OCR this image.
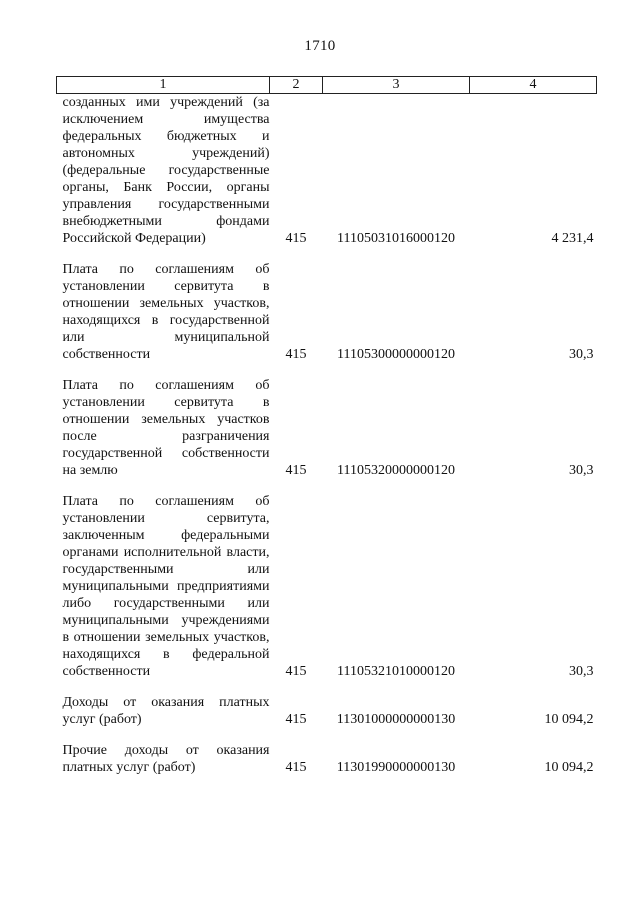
1710
1	2	3	4
созданных ими учреждений (за исключением имущества федеральных бюджетных и автономных учреждений) (федеральные государственные органы, Банк России, органы управления государственными внебюджетными фондами Российской Федерации)	415	11105031016000120	4 231,4

Плата по соглашениям об установлении сервитута в отношении земельных участков, находящихся в государственной или муниципальной собственности	415	11105300000000120	30,3

Плата по соглашениям об установлении сервитута в отношении земельных участков после разграничения государственной собственности на землю	415	11105320000000120	30,3

Плата по соглашениям об установлении сервитута, заключенным федеральными органами исполнительной власти, государственными или муниципальными предприятиями либо государственными или муниципальными учреждениями в отношении земельных участков, находящихся в федеральной собственности	415	11105321010000120	30,3

Доходы от оказания платных услуг (работ)	415	11301000000000130	10 094,2

Прочие доходы от оказания платных услуг (работ)	415	11301990000000130	10 094,2
